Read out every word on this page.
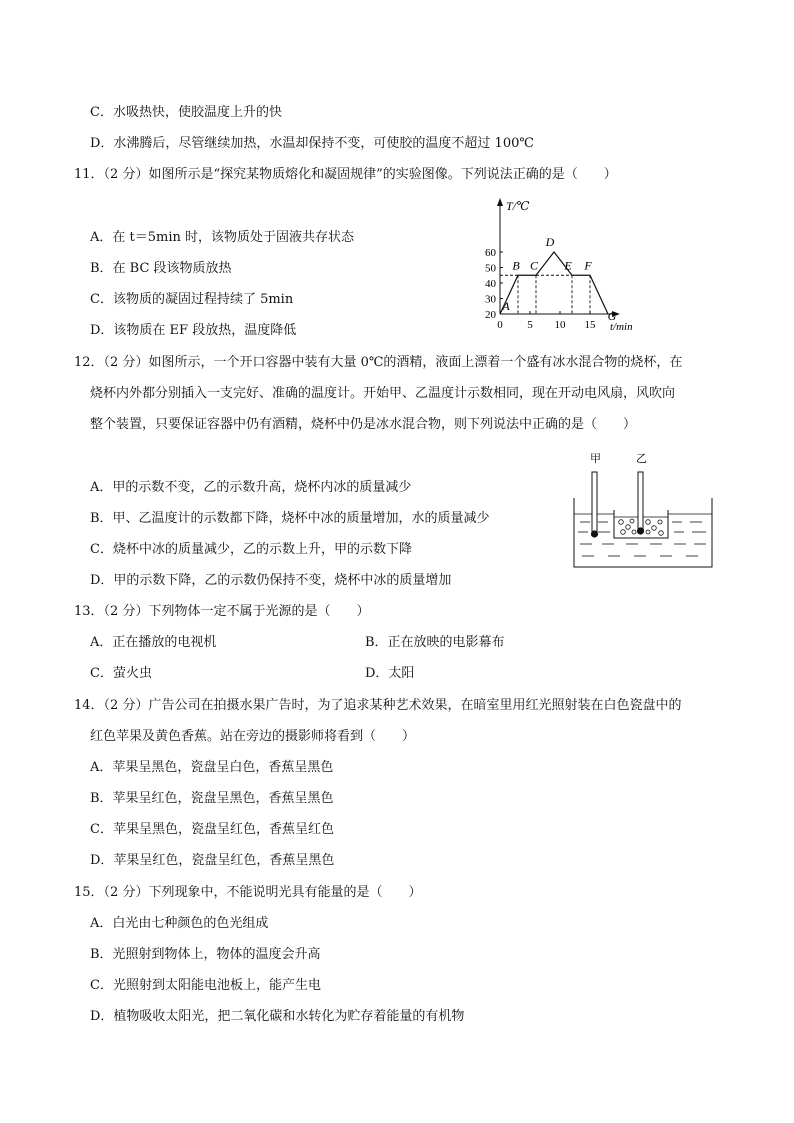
C．水吸热快，使胶温度上升的快
D．水沸腾后，尽管继续加热，水温却保持不变，可使胶的温度不超过 100℃
11．（2 分）如图所示是“探究某物质熔化和凝固规律”的实验图像。下列说法正确的是（　　）
A．在 t＝5min 时，该物质处于固液共存状态
B．在 BC 段该物质放热
C．该物质的凝固过程持续了 5min
D．该物质在 EF 段放热，温度降低
T/℃
t/min
20
30
40
50
60
0 5 10 15
A
B C
D
E F
G
12．（2 分）如图所示，一个开口容器中装有大量 0℃的酒精，液面上漂着一个盛有冰水混合物的烧杯，在
烧杯内外都分别插入一支完好、准确的温度计。开始甲、乙温度计示数相同，现在开动电风扇，风吹向
整个装置，只要保证容器中仍有酒精，烧杯中仍是冰水混合物，则下列说法中正确的是（　　）
A．甲的示数不变，乙的示数升高，烧杯内冰的质量减少
B．甲、乙温度计的示数都下降，烧杯中冰的质量增加，水的质量减少
C．烧杯中冰的质量减少，乙的示数上升，甲的示数下降
D．甲的示数下降，乙的示数仍保持不变，烧杯中冰的质量增加
甲	乙
13．（2 分）下列物体一定不属于光源的是（　　）
A．正在播放的电视机	B．正在放映的电影幕布
C．萤火虫	D．太阳
14．（2 分）广告公司在拍摄水果广告时，为了追求某种艺术效果，在暗室里用红光照射装在白色瓷盘中的
红色苹果及黄色香蕉。站在旁边的摄影师将看到（　　）
A．苹果呈黑色，瓷盘呈白色，香蕉呈黑色
B．苹果呈红色，瓷盘呈黑色，香蕉呈黑色
C．苹果呈黑色，瓷盘呈红色，香蕉呈红色
D．苹果呈红色，瓷盘呈红色，香蕉呈黑色
15．（2 分）下列现象中，不能说明光具有能量的是（　　）
A．白光由七种颜色的色光组成
B．光照射到物体上，物体的温度会升高
C．光照射到太阳能电池板上，能产生电
D．植物吸收太阳光，把二氧化碳和水转化为贮存着能量的有机物
